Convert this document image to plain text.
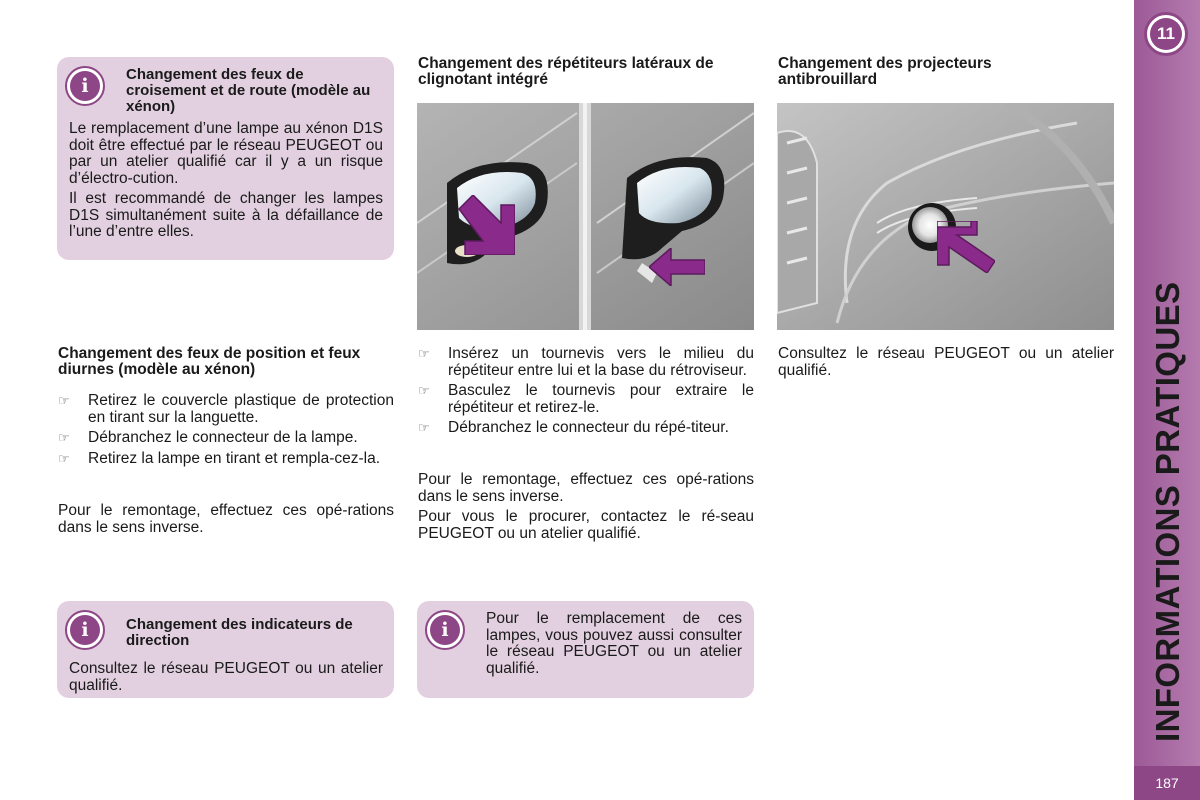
11
INFORMATIONS PRATIQUES
187
i
Changement des feux de croisement et de route (modèle au xénon)

Le remplacement d’une lampe au xénon D1S doit être effectué par le réseau PEUGEOT ou par un atelier qualifié car il y a un risque d’électro-cution.

Il est recommandé de changer les lampes D1S simultanément suite à la défaillance de l’une d’entre elles.

Changement des feux de position et feux diurnes (modèle au xénon)
☞ Retirez le couvercle plastique de protection en tirant sur la languette.
☞ Débranchez le connecteur de la lampe.
☞ Retirez la lampe en tirant et rempla-cez-la.
Pour le remontage, effectuez ces opé-rations dans le sens inverse.
i	Changement des indicateurs de direction
Consultez le réseau PEUGEOT ou un atelier qualifié.
Changement des répétiteurs latéraux de clignotant intégré
☞ Insérez un tournevis vers le milieu du répétiteur entre lui et la base du rétroviseur.
☞ Basculez le tournevis pour extraire le répétiteur et retirez-le.
☞ Débranchez le connecteur du répé-titeur.

Pour le remontage, effectuez ces opé-rations dans le sens inverse.

Pour vous le procurer, contactez le ré-seau PEUGEOT ou un atelier qualifié.

i
Pour le remplacement de ces lampes, vous pouvez aussi consulter le réseau PEUGEOT ou un atelier qualifié.
Changement des projecteurs antibrouillard
Consultez le réseau PEUGEOT ou un atelier qualifié.
